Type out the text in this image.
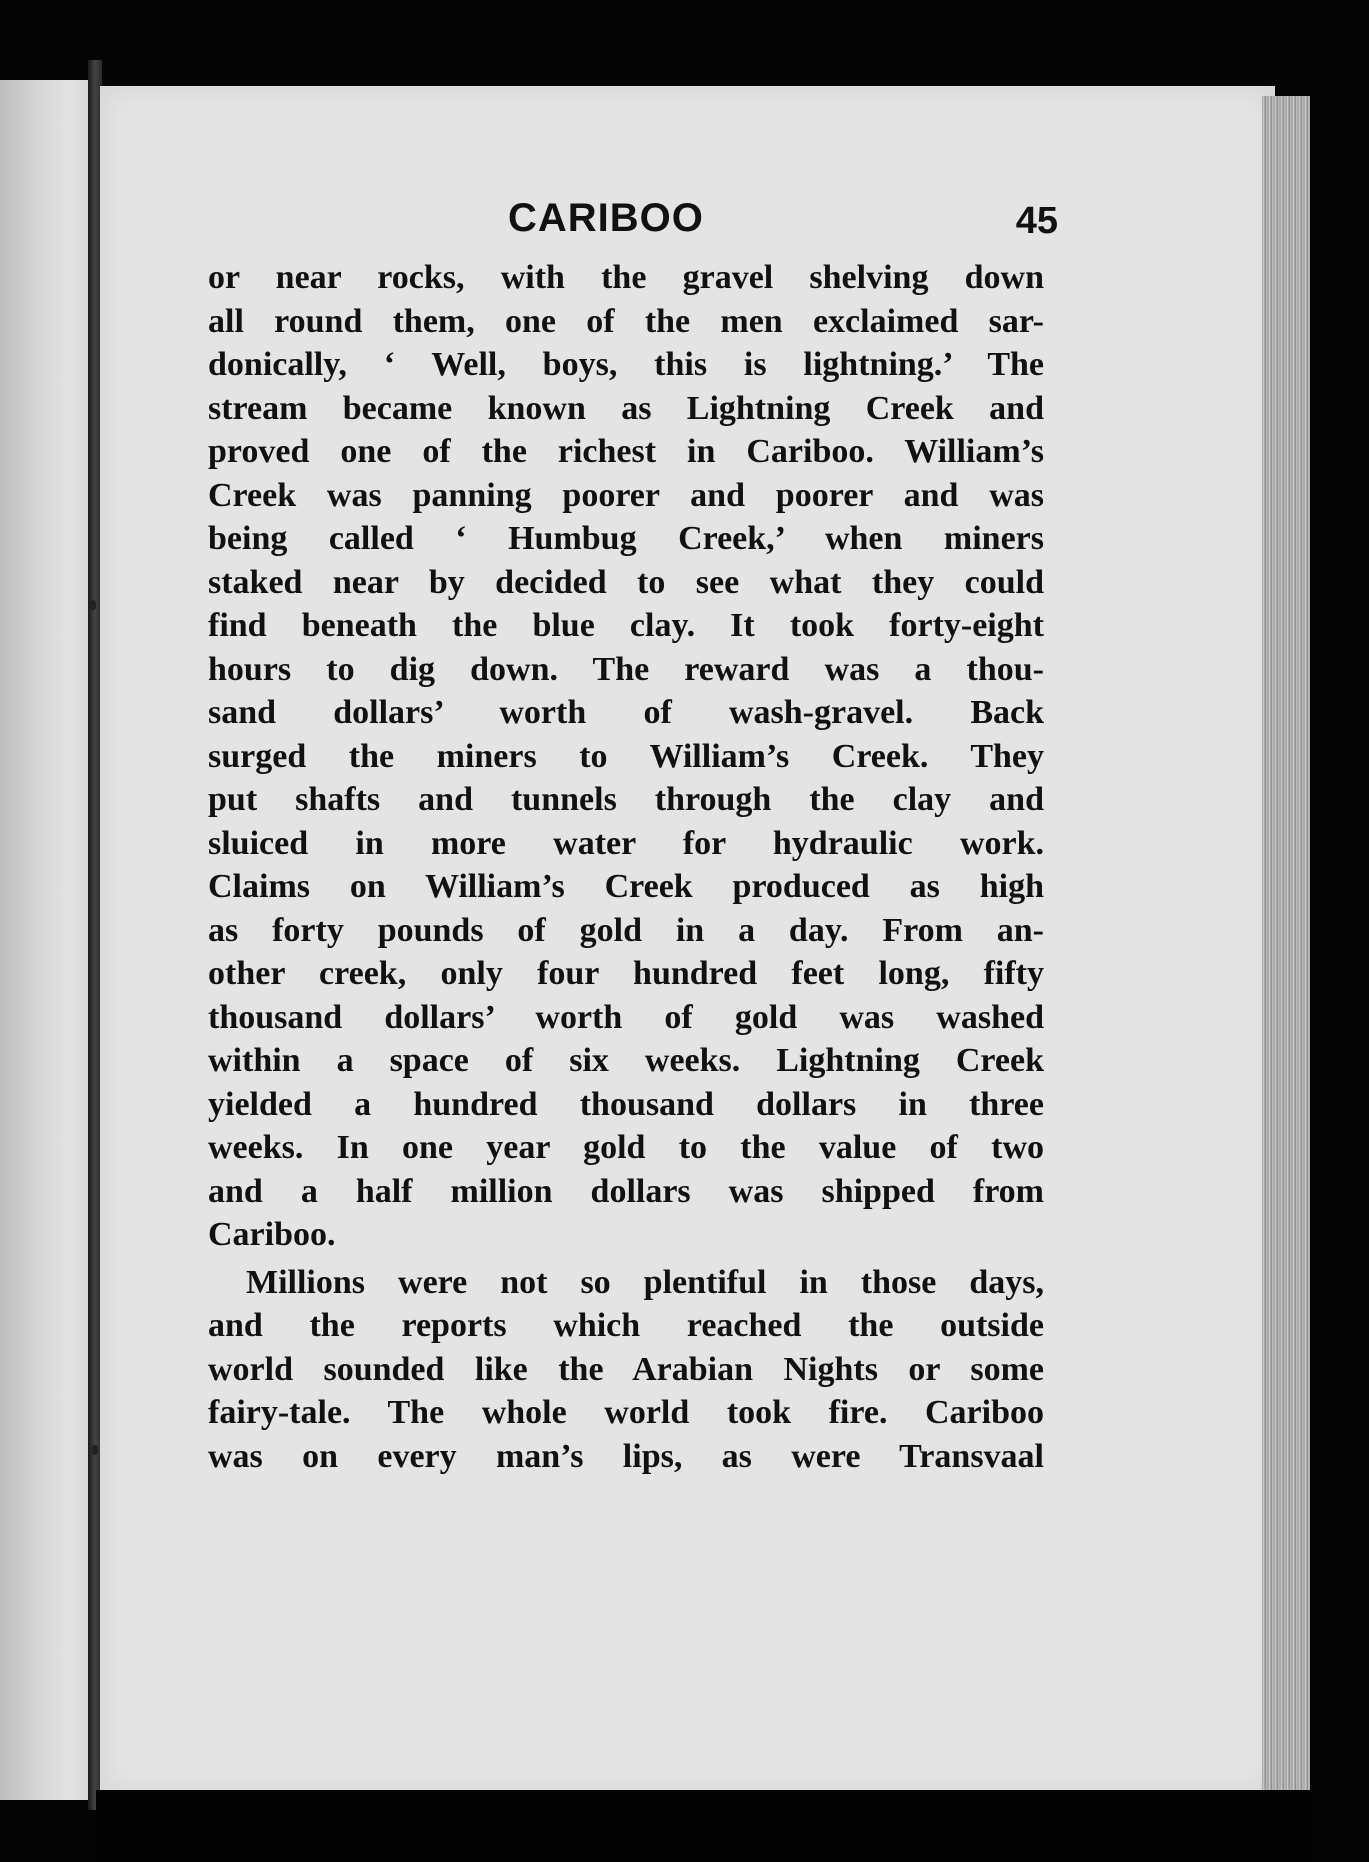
CARIBOO	45
or near rocks, with the gravel shelving down
all round them, one of the men exclaimed sar-
donically, ‘ Well, boys, this is lightning.’ The
stream became known as Lightning Creek and
proved one of the richest in Cariboo. William’s
Creek was panning poorer and poorer and was
being called ‘ Humbug Creek,’ when miners
staked near by decided to see what they could
find beneath the blue clay. It took forty-eight
hours to dig down. The reward was a thou-
sand dollars’ worth of wash-gravel. Back
surged the miners to William’s Creek. They
put shafts and tunnels through the clay and
sluiced in more water for hydraulic work.
Claims on William’s Creek produced as high
as forty pounds of gold in a day. From an-
other creek, only four hundred feet long, fifty
thousand dollars’ worth of gold was washed
within a space of six weeks. Lightning Creek
yielded a hundred thousand dollars in three
weeks. In one year gold to the value of two
and a half million dollars was shipped from
Cariboo.
Millions were not so plentiful in those days,
and the reports which reached the outside
world sounded like the Arabian Nights or some
fairy-tale. The whole world took fire. Cariboo
was on every man’s lips, as were Transvaal
